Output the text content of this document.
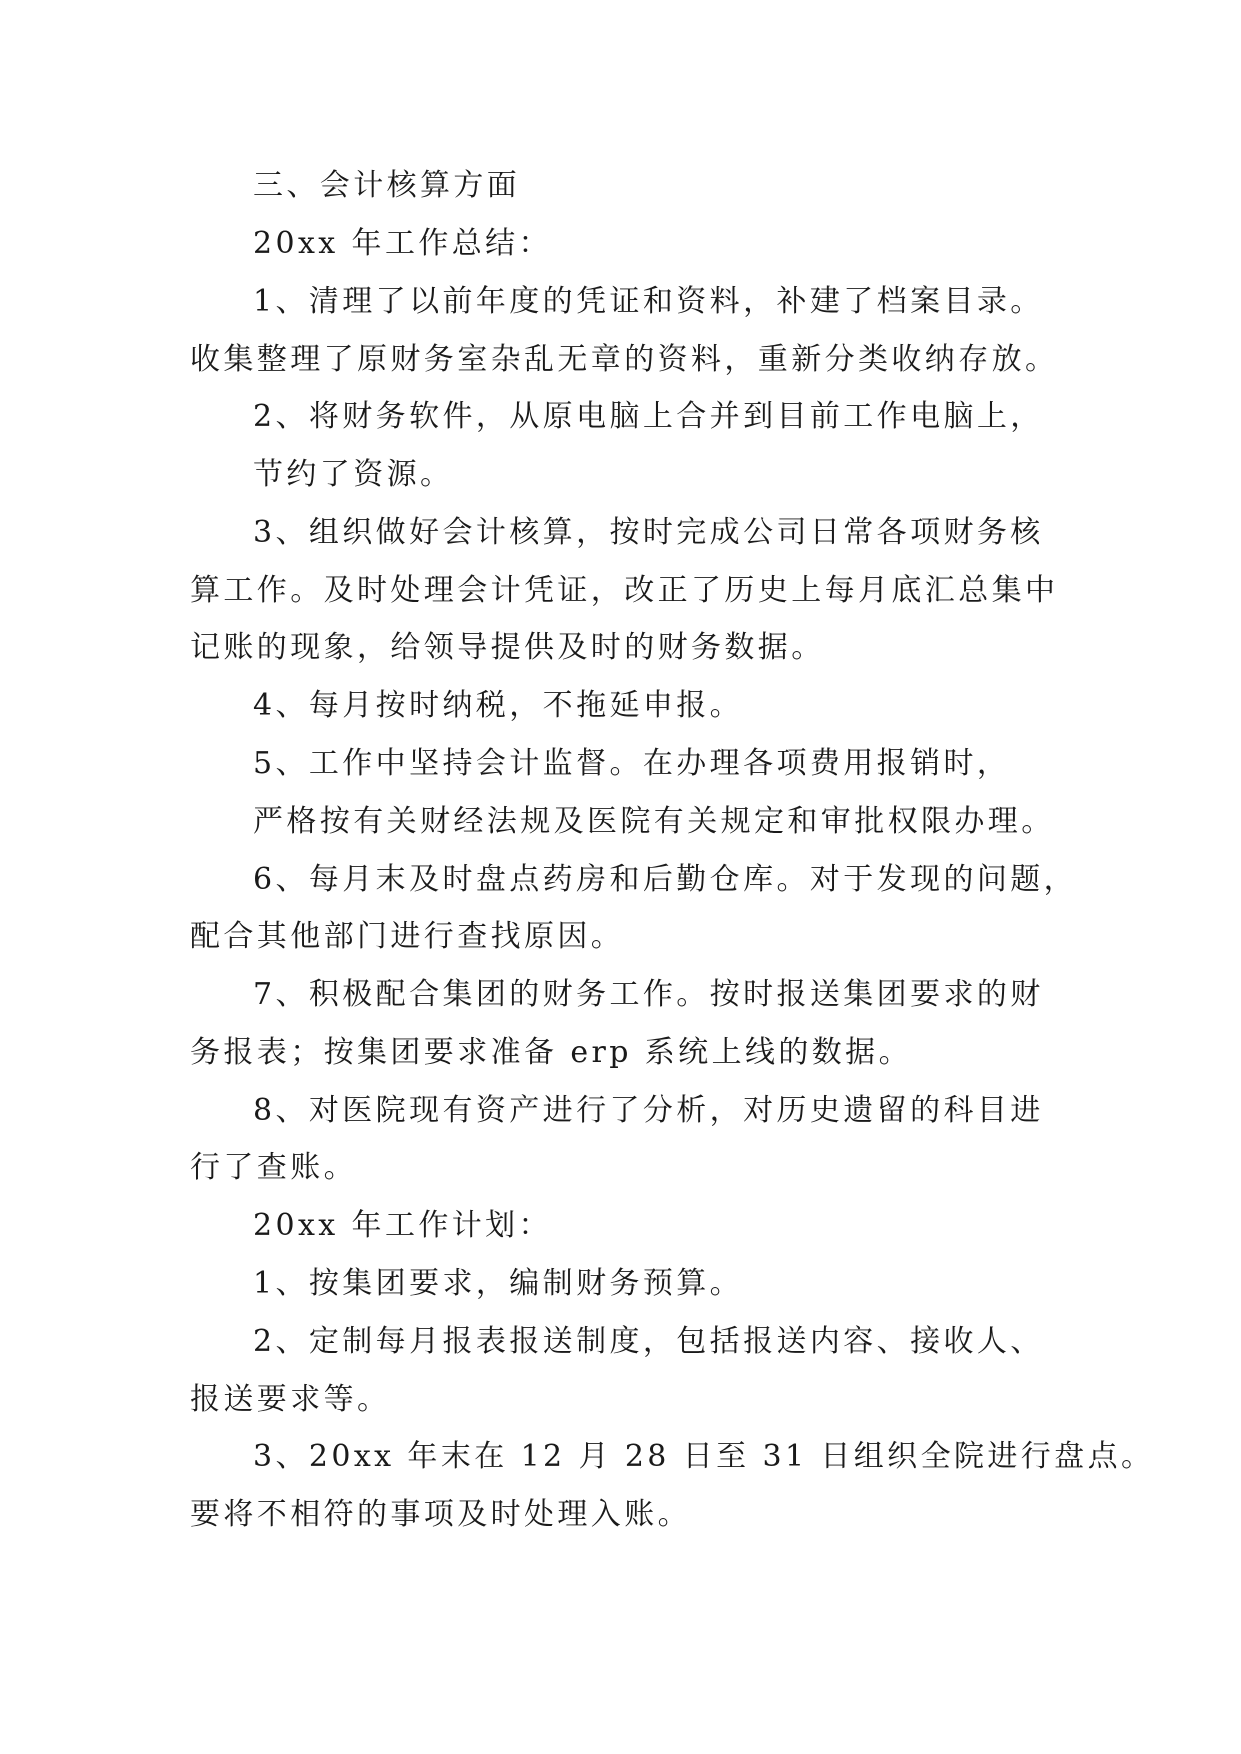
三、会计核算方面

20xx 年工作总结：

1、清理了以前年度的凭证和资料，补建了档案目录。

收集整理了原财务室杂乱无章的资料，重新分类收纳存放。

2、将财务软件，从原电脑上合并到目前工作电脑上，

节约了资源。

3、组织做好会计核算，按时完成公司日常各项财务核

算工作。及时处理会计凭证，改正了历史上每月底汇总集中

记账的现象，给领导提供及时的财务数据。

4、每月按时纳税，不拖延申报。

5、工作中坚持会计监督。在办理各项费用报销时，

严格按有关财经法规及医院有关规定和审批权限办理。

6、每月末及时盘点药房和后勤仓库。对于发现的问题，

配合其他部门进行查找原因。

7、积极配合集团的财务工作。按时报送集团要求的财

务报表；按集团要求准备 erp 系统上线的数据。

8、对医院现有资产进行了分析，对历史遗留的科目进

行了查账。

20xx 年工作计划：

1、按集团要求，编制财务预算。

2、定制每月报表报送制度，包括报送内容、接收人、

报送要求等。

3、20xx 年末在 12 月 28 日至 31 日组织全院进行盘点。

要将不相符的事项及时处理入账。
